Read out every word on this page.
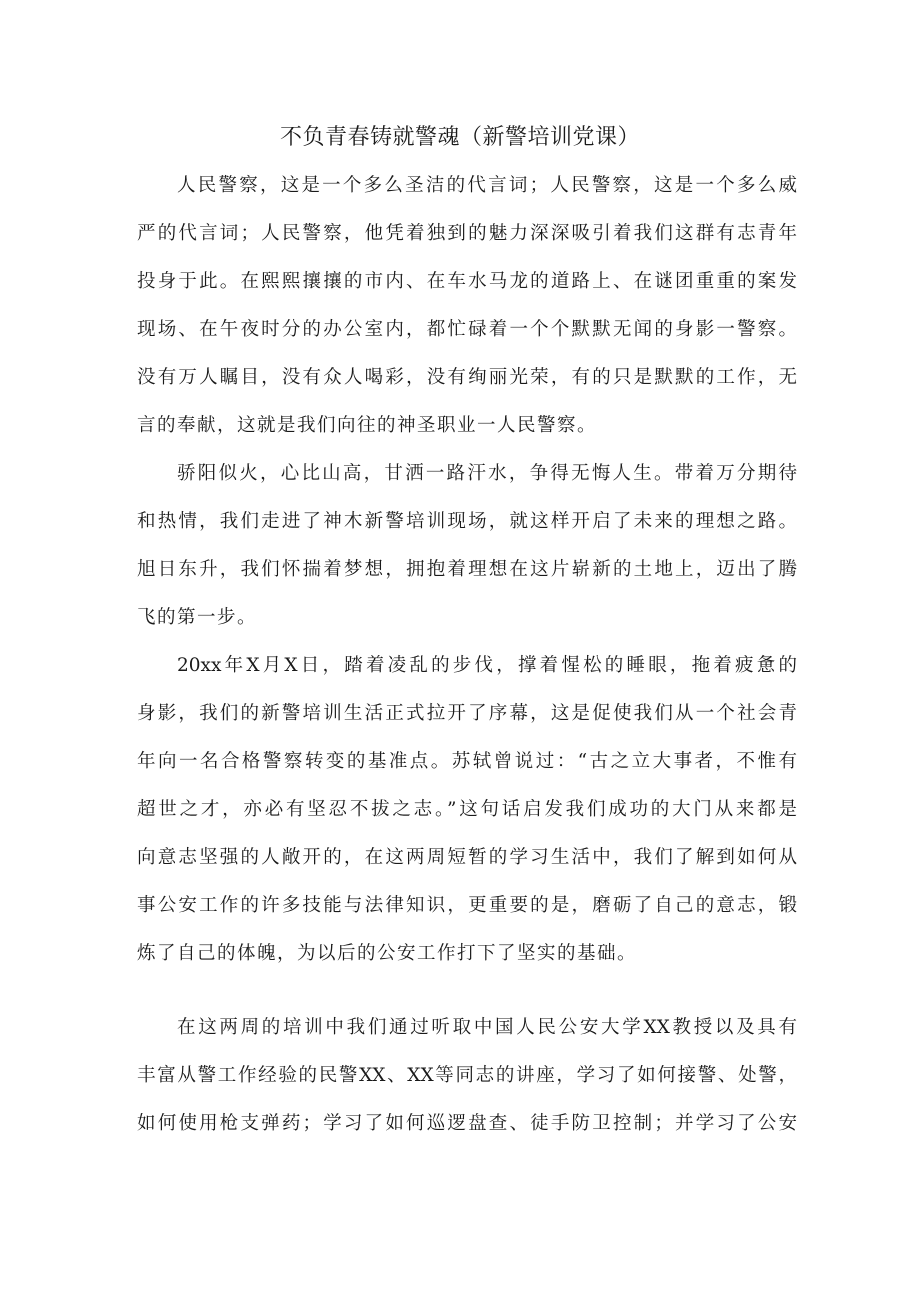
不负青春铸就警魂（新警培训党课）
人民警察，这是一个多么圣洁的代言词；人民警察，这是一个多么威
严的代言词；人民警察，他凭着独到的魅力深深吸引着我们这群有志青年
投身于此。在熙熙攘攘的市内、在车水马龙的道路上、在谜团重重的案发
现场、在午夜时分的办公室内，都忙碌着一个个默默无闻的身影一警察。
没有万人瞩目，没有众人喝彩，没有绚丽光荣，有的只是默默的工作，无
言的奉献，这就是我们向往的神圣职业一人民警察。
骄阳似火，心比山高，甘洒一路汗水，争得无悔人生。带着万分期待
和热情，我们走进了神木新警培训现场，就这样开启了未来的理想之路。
旭日东升，我们怀揣着梦想，拥抱着理想在这片崭新的土地上，迈出了腾
飞的第一步。
20xx年X月X日，踏着凌乱的步伐，撑着惺松的睡眼，拖着疲惫的
身影，我们的新警培训生活正式拉开了序幕，这是促使我们从一个社会青
年向一名合格警察转变的基准点。苏轼曾说过：“古之立大事者，不惟有
超世之才，亦必有坚忍不拔之志。”这句话启发我们成功的大门从来都是
向意志坚强的人敞开的，在这两周短暂的学习生活中，我们了解到如何从
事公安工作的许多技能与法律知识，更重要的是，磨砺了自己的意志，锻
炼了自己的体魄，为以后的公安工作打下了坚实的基础。
在这两周的培训中我们通过听取中国人民公安大学XX教授以及具有
丰富从警工作经验的民警XX、XX等同志的讲座，学习了如何接警、处警，
如何使用枪支弹药；学习了如何巡逻盘查、徒手防卫控制；并学习了公安
